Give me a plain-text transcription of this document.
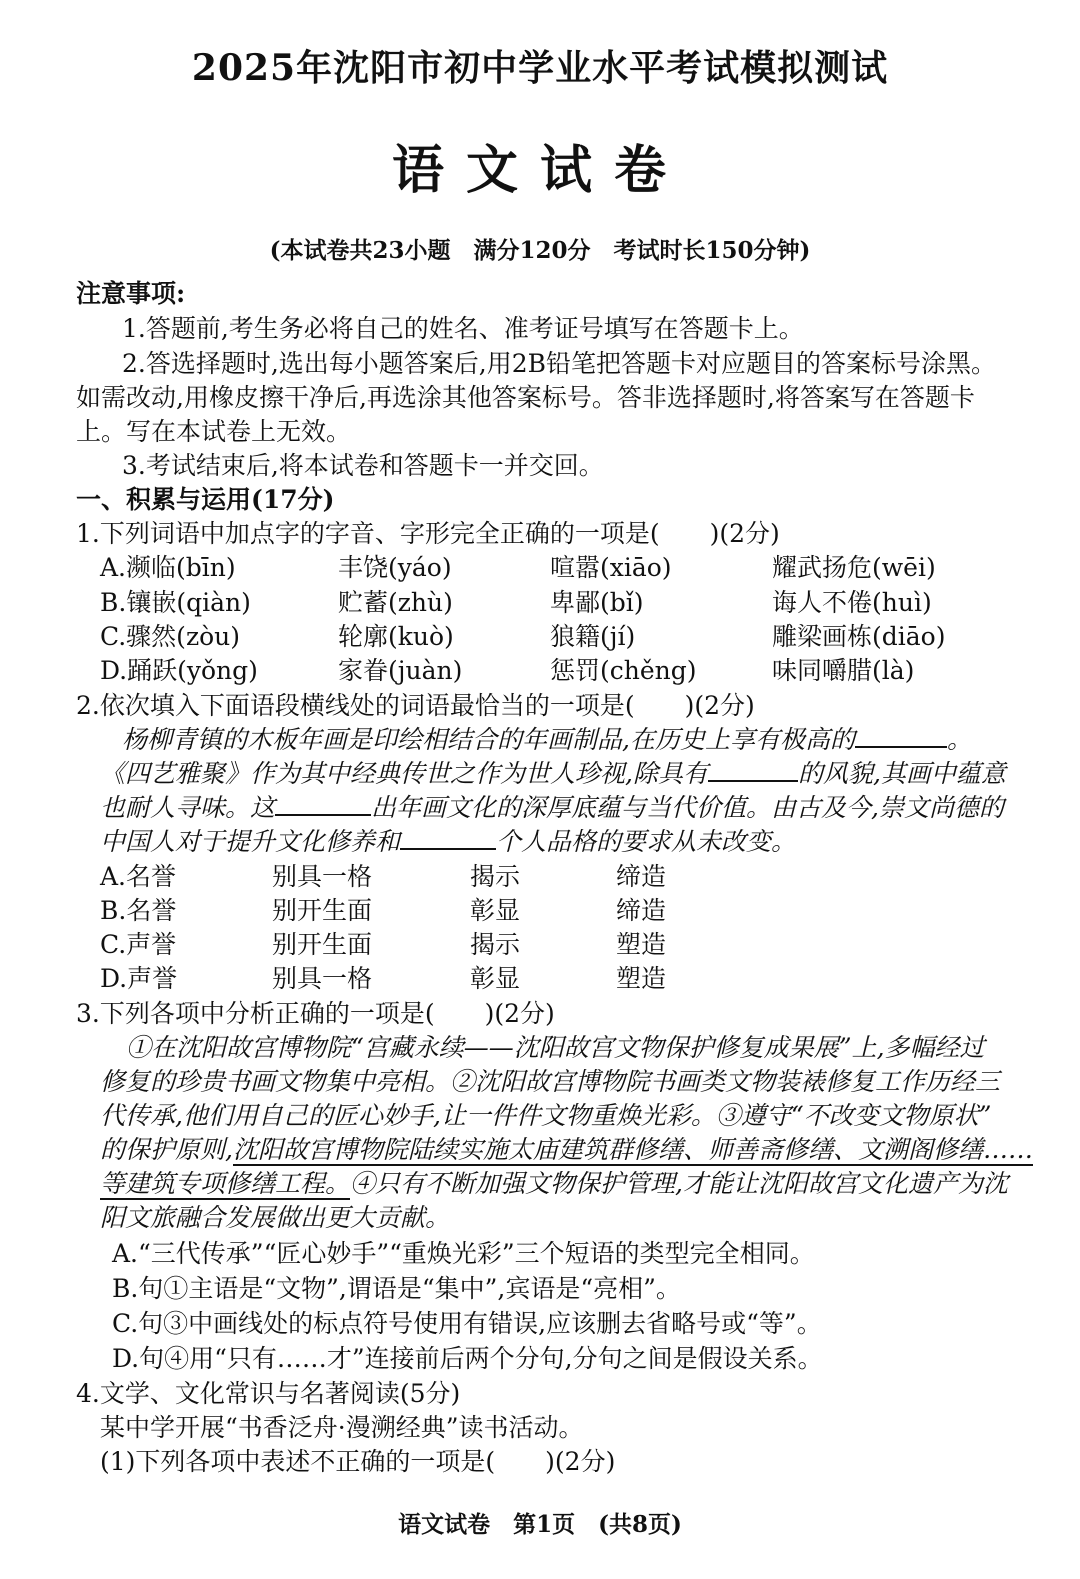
2025年沈阳市初中学业水平考试模拟测试
语文试卷
(本试卷共23小题　满分120分　考试时长150分钟)
注意事项:
1.答题前,考生务必将自己的姓名、准考证号填写在答题卡上。
2.答选择题时,选出每小题答案后,用2B铅笔把答题卡对应题目的答案标号涂黑。
如需改动,用橡皮擦干净后,再选涂其他答案标号。答非选择题时,将答案写在答题卡
上。写在本试卷上无效。
3.考试结束后,将本试卷和答题卡一并交回。
一、积累与运用(17分)
1.下列词语中加点字的字音、字形完全正确的一项是(　　)(2分)
A.濒临(bīn)	丰饶(yáo)	喧嚣(xiāo)	耀武扬危(wēi)
B.镶嵌(qiàn)	贮蓄(zhù)	卑鄙(bǐ)	诲人不倦(huì)
C.骤然(zòu)	轮廓(kuò)	狼籍(jí)	雕梁画栋(diāo)
D.踊跃(yǒng)	家眷(juàn)	惩罚(chěng)	味同嚼腊(là)
2.依次填入下面语段横线处的词语最恰当的一项是(　　)(2分)
杨柳青镇的木板年画是印绘相结合的年画制品,在历史上享有极高的	。
《四艺雅聚》作为其中经典传世之作为世人珍视,除具有	的风貌,其画中蕴意
也耐人寻味。这	出年画文化的深厚底蕴与当代价值。由古及今,崇文尚德的
中国人对于提升文化修养和	个人品格的要求从未改变。
A.名誉	别具一格	揭示	缔造
B.名誉	别开生面	彰显	缔造
C.声誉	别开生面	揭示	塑造
D.声誉	别具一格	彰显	塑造
3.下列各项中分析正确的一项是(　　)(2分)
①在沈阳故宫博物院“宫藏永续——沈阳故宫文物保护修复成果展”上,多幅经过
修复的珍贵书画文物集中亮相。②沈阳故宫博物院书画类文物装裱修复工作历经三
代传承,他们用自己的匠心妙手,让一件件文物重焕光彩。③遵守“不改变文物原状”
的保护原则,沈阳故宫博物院陆续实施太庙建筑群修缮、师善斋修缮、文溯阁修缮……
等建筑专项修缮工程。④只有不断加强文物保护管理,才能让沈阳故宫文化遗产为沈
阳文旅融合发展做出更大贡献。
A.“三代传承”“匠心妙手”“重焕光彩”三个短语的类型完全相同。
B.句①主语是“文物”,谓语是“集中”,宾语是“亮相”。
C.句③中画线处的标点符号使用有错误,应该删去省略号或“等”。
D.句④用“只有……才”连接前后两个分句,分句之间是假设关系。
4.文学、文化常识与名著阅读(5分)
某中学开展“书香泛舟·漫溯经典”读书活动。
(1)下列各项中表述不正确的一项是(　　)(2分)
语文试卷　第1页　(共8页)
